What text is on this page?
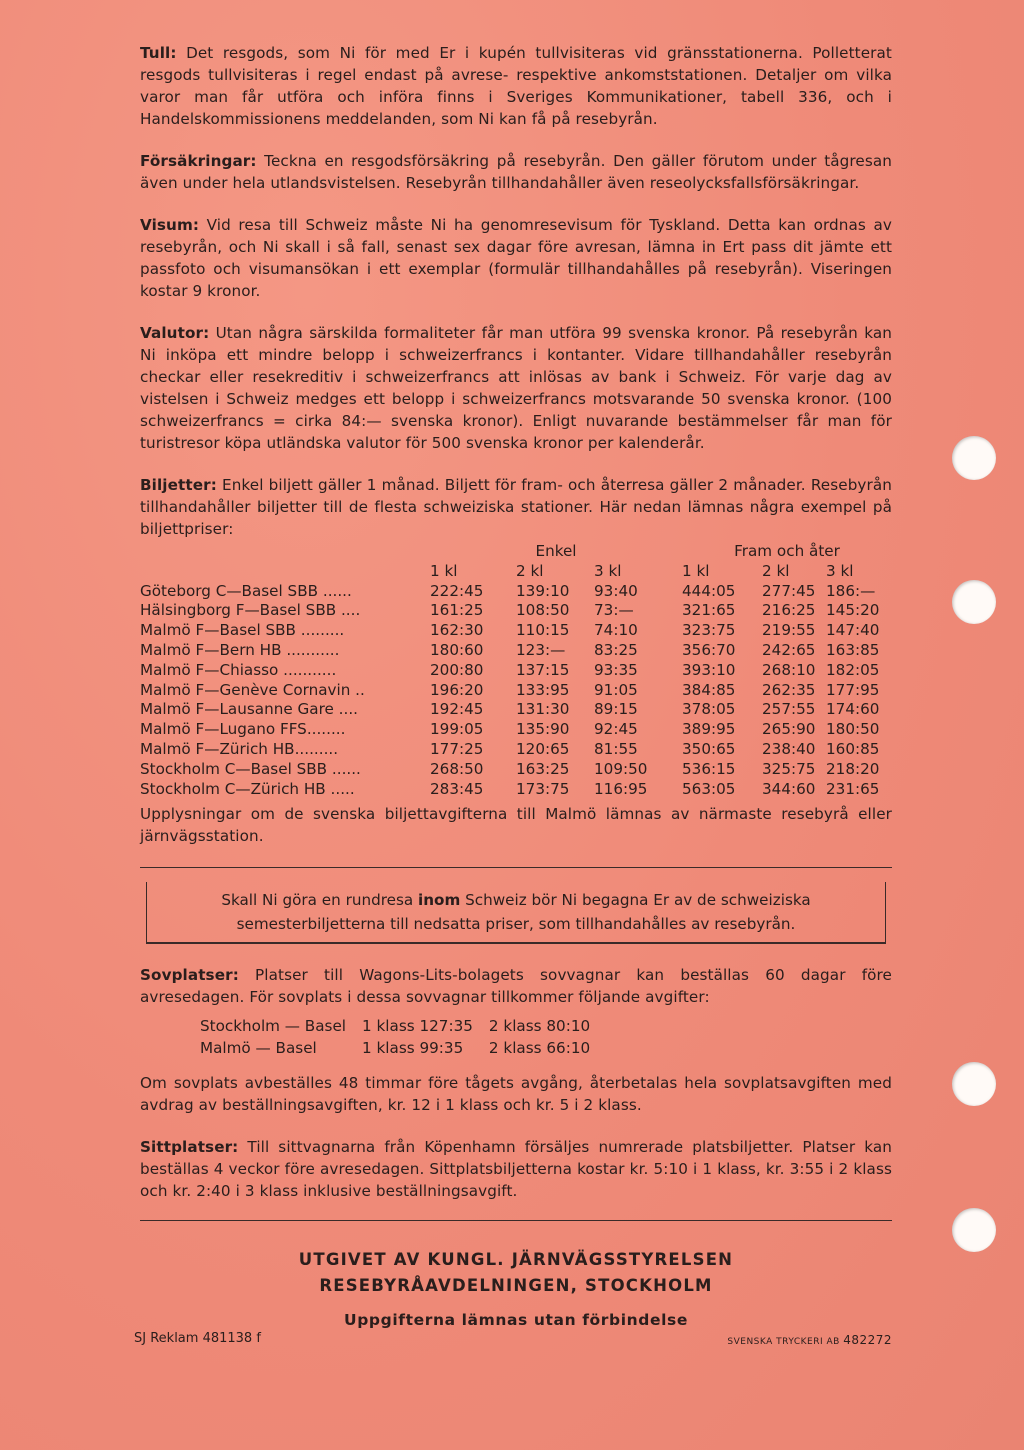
Tull: Det resgods, som Ni för med Er i kupén tullvisiteras vid gränsstationerna. Polletterat resgods tullvisiteras i regel endast på avrese- respektive ankomststationen. Detaljer om vilka varor man får utföra och införa finns i Sveriges Kommunikationer, tabell 336, och i Handelskommissionens meddelanden, som Ni kan få på resebyrån.

Försäkringar: Teckna en resgodsförsäkring på resebyrån. Den gäller förutom under tågresan även under hela utlandsvistelsen. Resebyrån tillhandahåller även reseolycksfallsförsäkringar.

Visum: Vid resa till Schweiz måste Ni ha genomresevisum för Tyskland. Detta kan ordnas av resebyrån, och Ni skall i så fall, senast sex dagar före avresan, lämna in Ert pass dit jämte ett passfoto och visumansökan i ett exemplar (formulär tillhandahålles på resebyrån). Viseringen kostar 9 kronor.

Valutor: Utan några särskilda formaliteter får man utföra 99 svenska kronor. På resebyrån kan Ni inköpa ett mindre belopp i schweizerfrancs i kontanter. Vidare tillhandahåller resebyrån checkar eller resekreditiv i schweizerfrancs att inlösas av bank i Schweiz. För varje dag av vistelsen i Schweiz medges ett belopp i schweizerfrancs motsvarande 50 svenska kronor. (100 schweizerfrancs = cirka 84:— svenska kronor). Enligt nuvarande bestämmelser får man för turistresor köpa utländska valutor för 500 svenska kronor per kalenderår.

Biljetter: Enkel biljett gäller 1 månad. Biljett för fram- och återresa gäller 2 månader. Resebyrån tillhandahåller biljetter till de flesta schweiziska stationer. Här nedan lämnas några exempel på biljettpriser:

	Enkel			Fram och åter		
	1 kl	2 kl	3 kl	1 kl	2 kl	3 kl
Göteborg C—Basel SBB ......	222:45	139:10	93:40	444:05	277:45	186:—
Hälsingborg F—Basel SBB ....	161:25	108:50	73:—	321:65	216:25	145:20
Malmö F—Basel SBB .........	162:30	110:15	74:10	323:75	219:55	147:40
Malmö F—Bern HB ...........	180:60	123:—	83:25	356:70	242:65	163:85
Malmö F—Chiasso ...........	200:80	137:15	93:35	393:10	268:10	182:05
Malmö F—Genève Cornavin ..	196:20	133:95	91:05	384:85	262:35	177:95
Malmö F—Lausanne Gare ....	192:45	131:30	89:15	378:05	257:55	174:60
Malmö F—Lugano FFS........	199:05	135:90	92:45	389:95	265:90	180:50
Malmö F—Zürich HB.........	177:25	120:65	81:55	350:65	238:40	160:85
Stockholm C—Basel SBB ......	268:50	163:25	109:50	536:15	325:75	218:20
Stockholm C—Zürich HB .....	283:45	173:75	116:95	563:05	344:60	231:65

Upplysningar om de svenska biljettavgifterna till Malmö lämnas av närmaste resebyrå eller järnvägsstation.

Skall Ni göra en rundresa inom Schweiz bör Ni begagna Er av de schweiziska semesterbiljetterna till nedsatta priser, som tillhandahålles av resebyrån.

Sovplatser: Platser till Wagons-Lits-bolagets sovvagnar kan beställas 60 dagar före avresedagen. För sovplats i dessa sovvagnar tillkommer följande avgifter:

Stockholm — Basel	1 klass 127:35	2 klass 80:10
Malmö — Basel	1 klass 99:35	2 klass 66:10

Om sovplats avbeställes 48 timmar före tågets avgång, återbetalas hela sovplatsavgiften med avdrag av beställningsavgiften, kr. 12 i 1 klass och kr. 5 i 2 klass.

Sittplatser: Till sittvagnarna från Köpenhamn försäljes numrerade platsbiljetter. Platser kan beställas 4 veckor före avresedagen. Sittplatsbiljetterna kostar kr. 5:10 i 1 klass, kr. 3:55 i 2 klass och kr. 2:40 i 3 klass inklusive beställningsavgift.

UTGIVET AV KUNGL. JÄRNVÄGSSTYRELSEN
RESEBYRÅAVDELNINGEN, STOCKHOLM
Uppgifterna lämnas utan förbindelse
SJ Reklam 481138 f	SVENSKA TRYCKERI AB 482272
